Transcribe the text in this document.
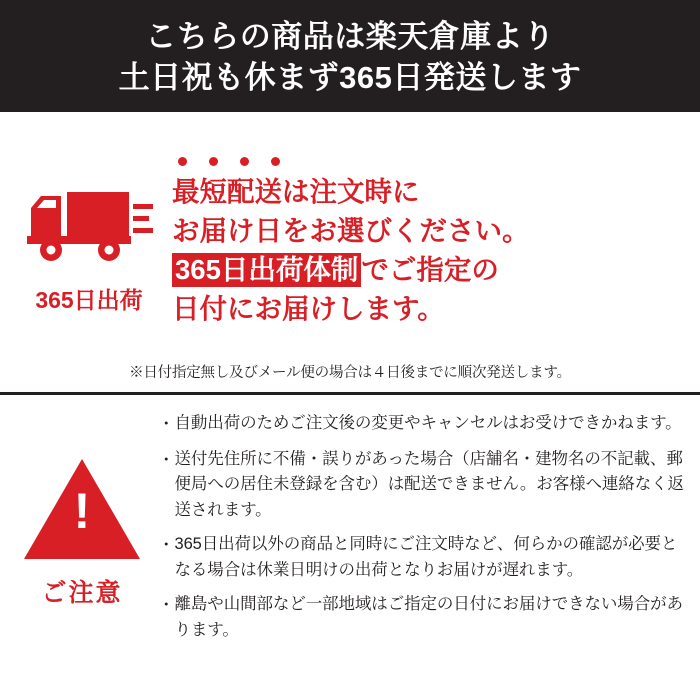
こちらの商品は楽天倉庫より
土日祝も休まず365日発送します
365日出荷
最短配送は注文時に
お届け日をお選びください。
365日出荷体制 でご指定の
日付にお届けします。
※日付指定無し及びメール便の場合は４日後までに順次発送します。
!
ご注意
・ 自動出荷のためご注文後の変更やキャンセルはお受けできかねます。
・ 送付先住所に不備・誤りがあった場合（店舗名・建物名の不記載、郵便局への居住未登録を含む）は配送できません。お客様へ連絡なく返送されます。
・ 365日出荷以外の商品と同時にご注文時など、何らかの確認が必要となる場合は休業日明けの出荷となりお届けが遅れます。
・ 離島や山間部など一部地域はご指定の日付にお届けできない場合があります。
